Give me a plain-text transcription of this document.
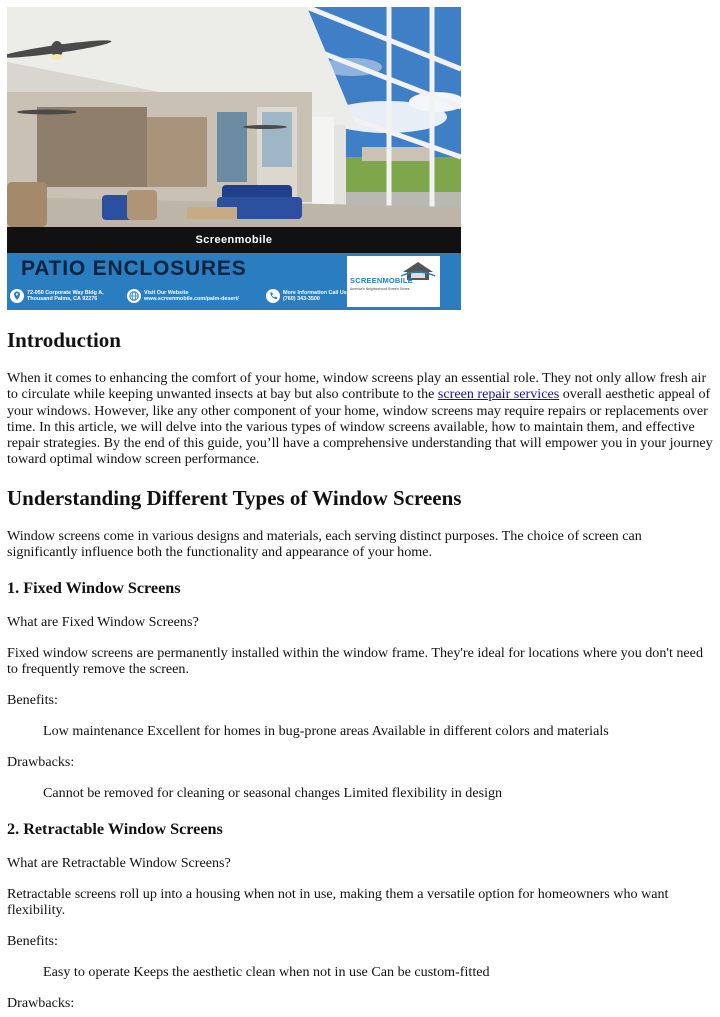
Screenmobile
PATIO ENCLOSURES
72-050 Corporate Way Bldg A,
Thousand Palms, CA 92276
Visit Our Website
www.screenmobile.com/palm-desert/
More Information Call Us
(760) 343-3500
SCREENMOBILE
America's Neighborhood Screen Stores
Introduction

When it comes to enhancing the comfort of your home, window screens play an essential role. They not only allow fresh air to circulate while keeping unwanted insects at bay but also contribute to the screen repair services overall aesthetic appeal of your windows. However, like any other component of your home, window screens may require repairs or replacements over time. In this article, we will delve into the various types of window screens available, how to maintain them, and effective repair strategies. By the end of this guide, you’ll have a comprehensive understanding that will empower you in your journey toward optimal window screen performance.

Understanding Different Types of Window Screens

Window screens come in various designs and materials, each serving distinct purposes. The choice of screen can significantly influence both the functionality and appearance of your home.

1. Fixed Window Screens

What are Fixed Window Screens?

Fixed window screens are permanently installed within the window frame. They're ideal for locations where you don't need to frequently remove the screen.

Benefits:

Low maintenance Excellent for homes in bug-prone areas Available in different colors and materials

Drawbacks:

Cannot be removed for cleaning or seasonal changes Limited flexibility in design

2. Retractable Window Screens

What are Retractable Window Screens?

Retractable screens roll up into a housing when not in use, making them a versatile option for homeowners who want flexibility.

Benefits:

Easy to operate Keeps the aesthetic clean when not in use Can be custom-fitted

Drawbacks:
